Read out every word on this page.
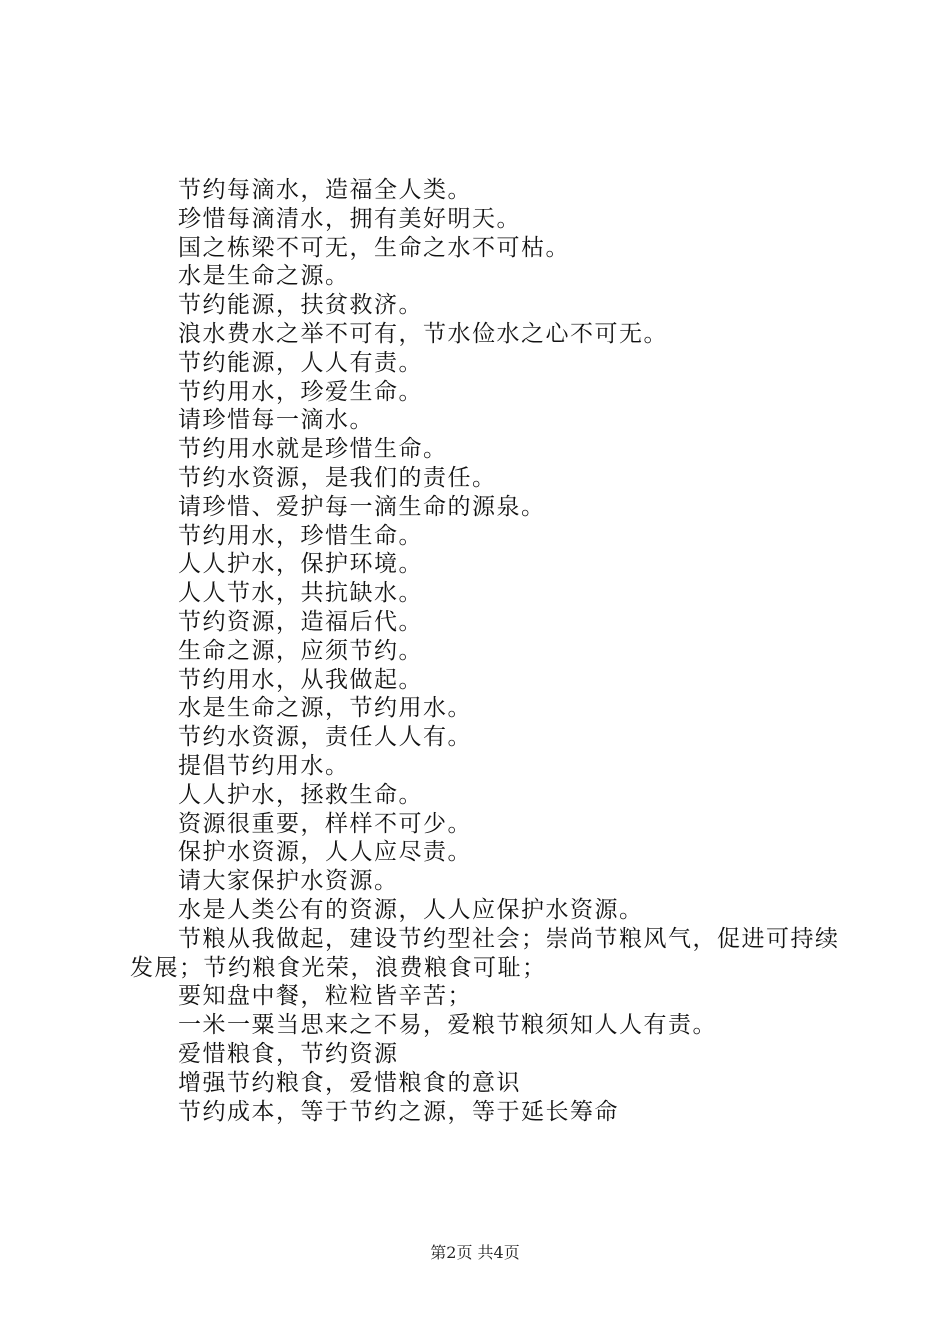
节约每滴水，造福全人类。

珍惜每滴清水，拥有美好明天。

国之栋梁不可无，生命之水不可枯。

水是生命之源。

节约能源，扶贫救济。

浪水费水之举不可有，节水俭水之心不可无。

节约能源，人人有责。

节约用水，珍爱生命。

请珍惜每一滴水。

节约用水就是珍惜生命。

节约水资源，是我们的责任。

请珍惜、爱护每一滴生命的源泉。

节约用水，珍惜生命。

人人护水，保护环境。

人人节水，共抗缺水。

节约资源，造福后代。

生命之源，应须节约。

节约用水，从我做起。

水是生命之源，节约用水。

节约水资源，责任人人有。

提倡节约用水。

人人护水，拯救生命。

资源很重要，样样不可少。

保护水资源，人人应尽责。

请大家保护水资源。

水是人类公有的资源，人人应保护水资源。

节粮从我做起，建设节约型社会；崇尚节粮风气，促进可持续发展；节约粮食光荣，浪费粮食可耻；

要知盘中餐，粒粒皆辛苦；

一米一粟当思来之不易，爱粮节粮须知人人有责。

爱惜粮食，节约资源

增强节约粮食，爱惜粮食的意识

节约成本，等于节约之源，等于延长筹命

第2页 共4页
